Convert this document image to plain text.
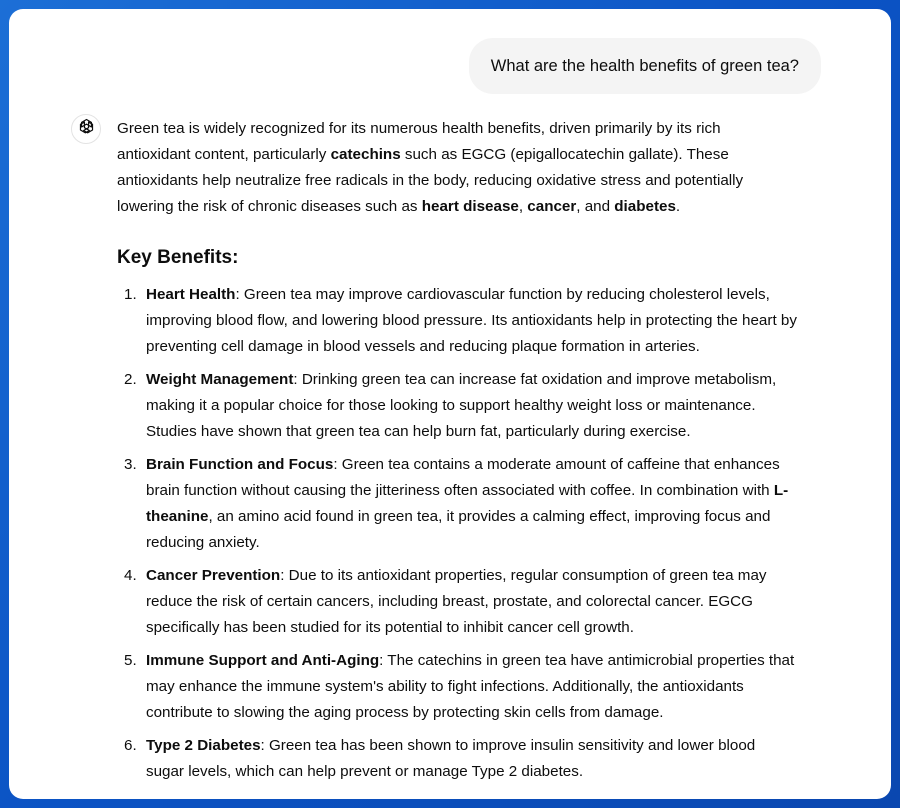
What are the health benefits of green tea?

Green tea is widely recognized for its numerous health benefits, driven primarily by its rich antioxidant content, particularly catechins such as EGCG (epigallocatechin gallate). These antioxidants help neutralize free radicals in the body, reducing oxidative stress and potentially lowering the risk of chronic diseases such as heart disease, cancer, and diabetes.

Key Benefits:
1. Heart Health: Green tea may improve cardiovascular function by reducing cholesterol levels, improving blood flow, and lowering blood pressure. Its antioxidants help in protecting the heart by preventing cell damage in blood vessels and reducing plaque formation in arteries.
2. Weight Management: Drinking green tea can increase fat oxidation and improve metabolism, making it a popular choice for those looking to support healthy weight loss or maintenance. Studies have shown that green tea can help burn fat, particularly during exercise.
3. Brain Function and Focus: Green tea contains a moderate amount of caffeine that enhances brain function without causing the jitteriness often associated with coffee. In combination with L-theanine, an amino acid found in green tea, it provides a calming effect, improving focus and reducing anxiety.
4. Cancer Prevention: Due to its antioxidant properties, regular consumption of green tea may reduce the risk of certain cancers, including breast, prostate, and colorectal cancer. EGCG specifically has been studied for its potential to inhibit cancer cell growth.
5. Immune Support and Anti-Aging: The catechins in green tea have antimicrobial properties that may enhance the immune system's ability to fight infections. Additionally, the antioxidants contribute to slowing the aging process by protecting skin cells from damage.
6. Type 2 Diabetes: Green tea has been shown to improve insulin sensitivity and lower blood sugar levels, which can help prevent or manage Type 2 diabetes.
